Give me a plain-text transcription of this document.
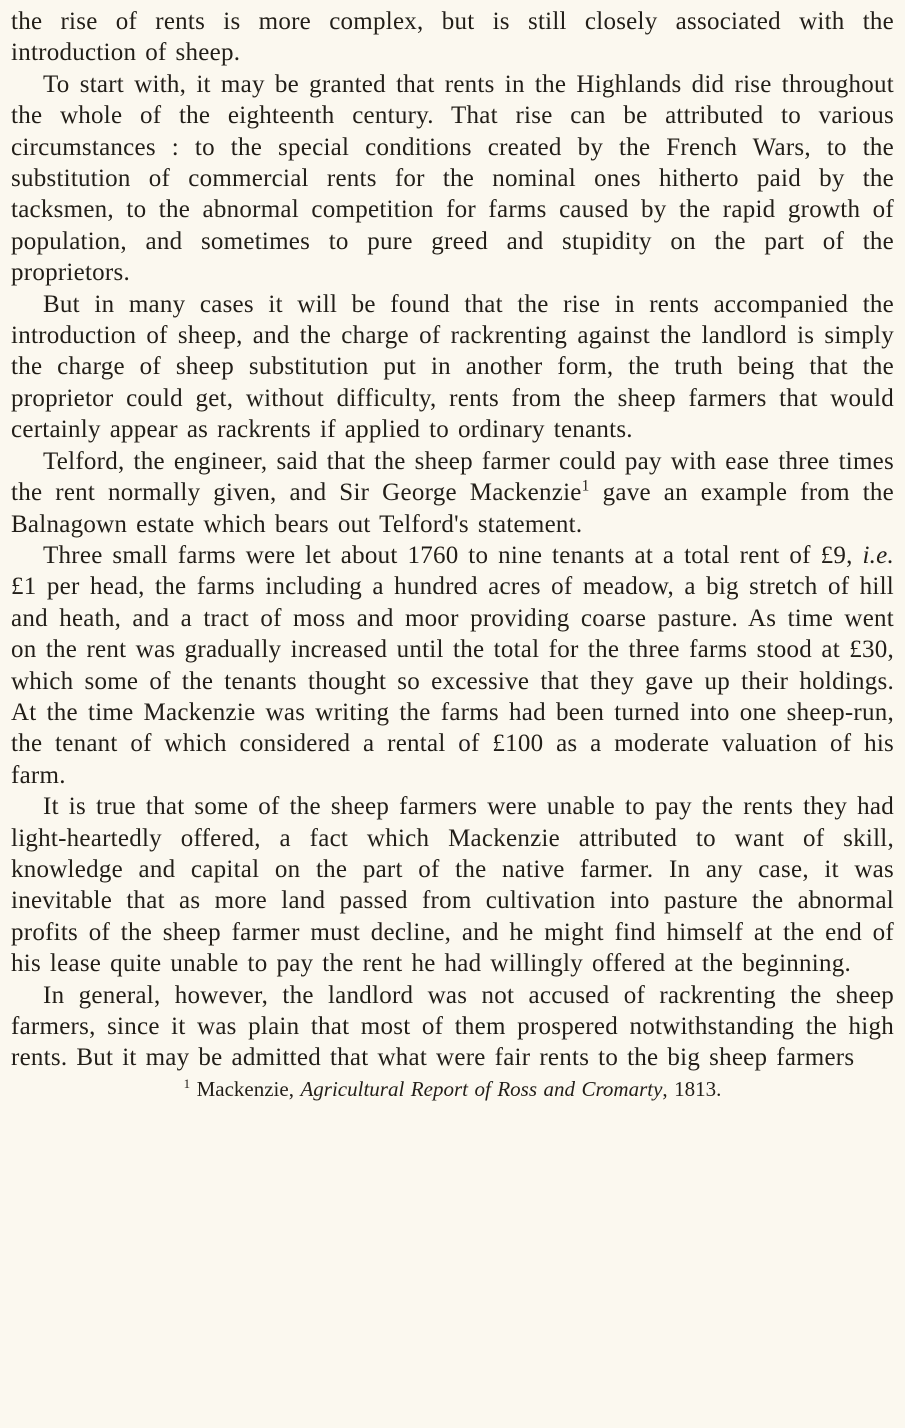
the rise of rents is more complex, but is still closely associated with the introduction of sheep.

To start with, it may be granted that rents in the Highlands did rise throughout the whole of the eighteenth century. That rise can be attributed to various circumstances : to the special conditions created by the French Wars, to the substitution of commercial rents for the nominal ones hitherto paid by the tacksmen, to the abnormal competition for farms caused by the rapid growth of population, and sometimes to pure greed and stupidity on the part of the proprietors.

But in many cases it will be found that the rise in rents accompanied the introduction of sheep, and the charge of rackrenting against the landlord is simply the charge of sheep substitution put in another form, the truth being that the proprietor could get, without difficulty, rents from the sheep farmers that would certainly appear as rackrents if applied to ordinary tenants.

Telford, the engineer, said that the sheep farmer could pay with ease three times the rent normally given, and Sir George Mackenzie$^1$ gave an example from the Balnagown estate which bears out Telford's statement.

Three small farms were let about 1760 to nine tenants at a total rent of £9, i.e. £1 per head, the farms including a hundred acres of meadow, a big stretch of hill and heath, and a tract of moss and moor providing coarse pasture. As time went on the rent was gradually increased until the total for the three farms stood at £30, which some of the tenants thought so excessive that they gave up their holdings. At the time Mackenzie was writing the farms had been turned into one sheep-run, the tenant of which considered a rental of £100 as a moderate valuation of his farm.

It is true that some of the sheep farmers were unable to pay the rents they had light-heartedly offered, a fact which Mackenzie attributed to want of skill, knowledge and capital on the part of the native farmer. In any case, it was inevitable that as more land passed from cultivation into pasture the abnormal profits of the sheep farmer must decline, and he might find himself at the end of his lease quite unable to pay the rent he had willingly offered at the beginning.

In general, however, the landlord was not accused of rackrenting the sheep farmers, since it was plain that most of them prospered notwithstanding the high rents. But it may be admitted that what were fair rents to the big sheep farmers

$^1$ Mackenzie, Agricultural Report of Ross and Cromarty, 1813.
